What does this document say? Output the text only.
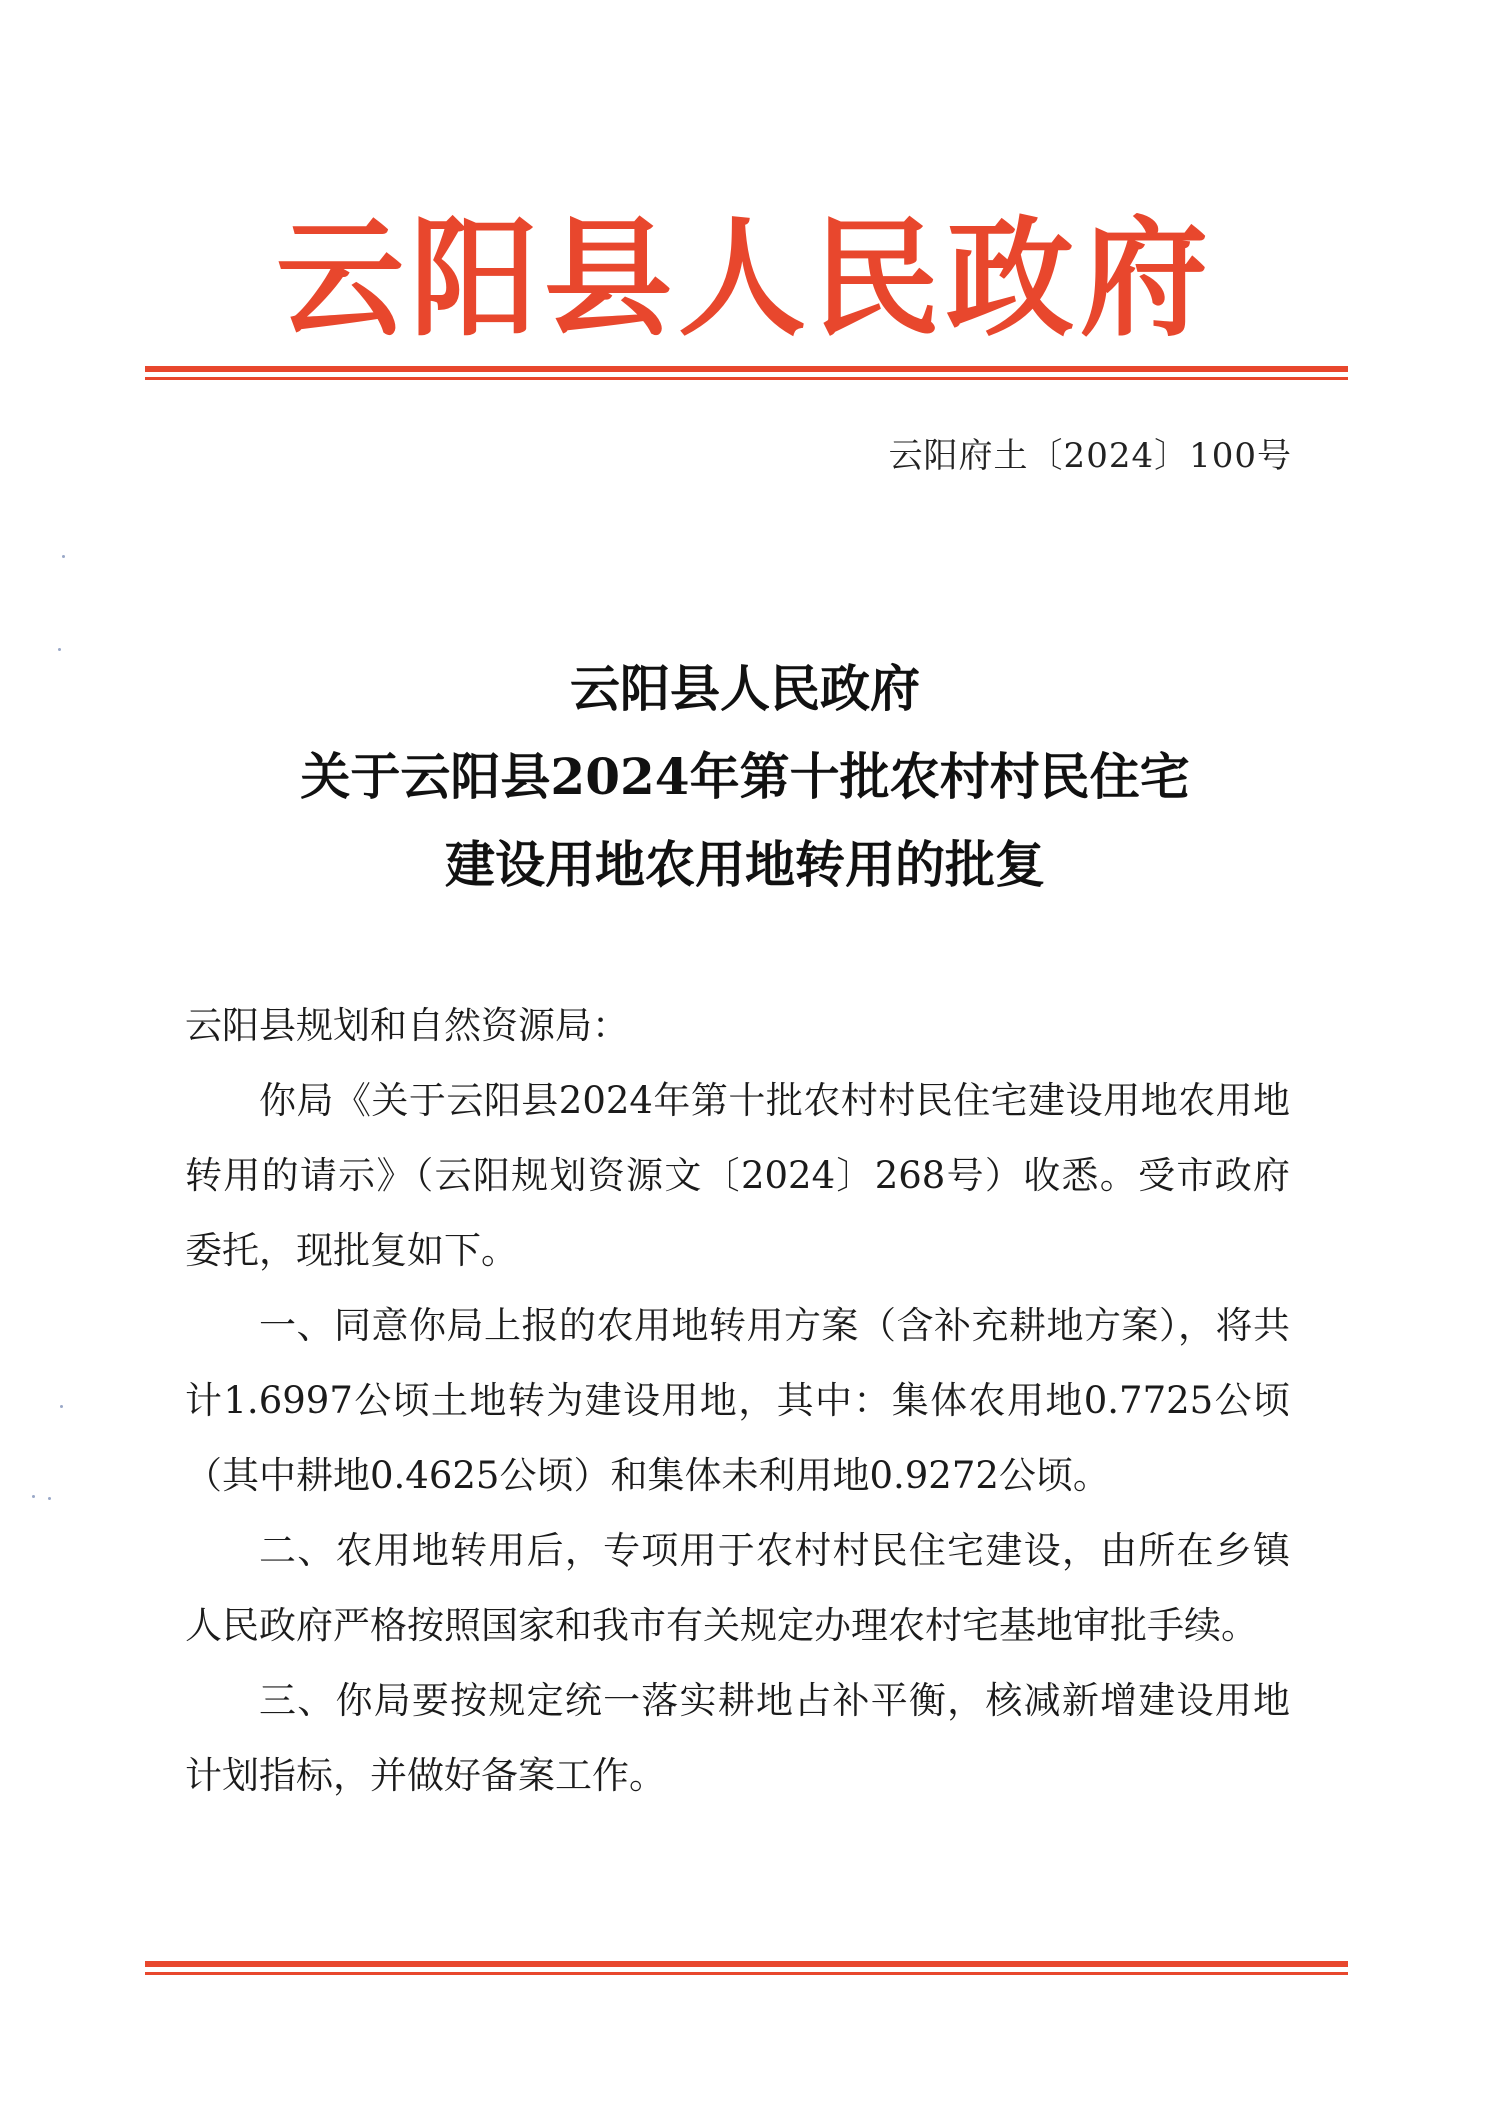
云阳县人民政府
云阳府土〔2024〕100号
云阳县人民政府
关于云阳县2024年第十批农村村民住宅
建设用地农用地转用的批复

云阳县规划和自然资源局：

你局《关于云阳县2024年第十批农村村民住宅建设用地农用地转用的请示》（云阳规划资源文〔2024〕268号）收悉。受市政府委托，现批复如下。

一、同意你局上报的农用地转用方案（含补充耕地方案），将共计1.6997公顷土地转为建设用地，其中：集体农用地0.7725公顷（其中耕地0.4625公顷）和集体未利用地0.9272公顷。

二、农用地转用后，专项用于农村村民住宅建设，由所在乡镇人民政府严格按照国家和我市有关规定办理农村宅基地审批手续。

三、你局要按规定统一落实耕地占补平衡，核减新增建设用地计划指标，并做好备案工作。
